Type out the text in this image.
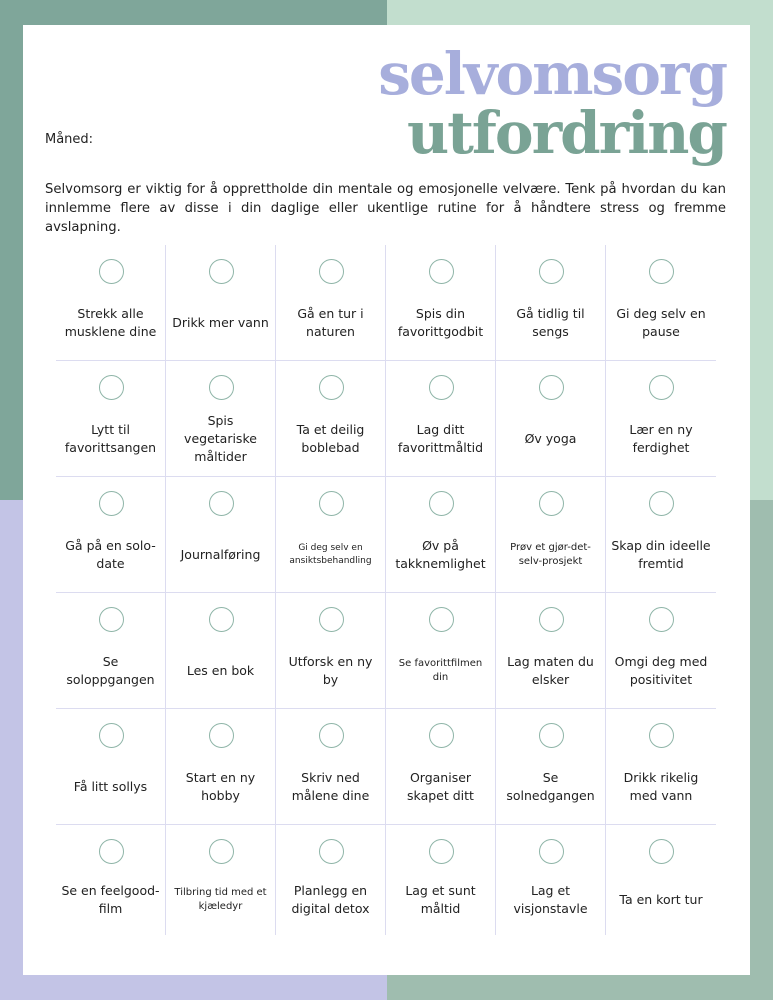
selvomsorg
utfordring
Måned:
Selvomsorg er viktig for å opprettholde din mentale og emosjonelle velvære. Tenk på hvordan du kan innlemme flere av disse i din daglige eller ukentlige rutine for å håndtere stress og fremme avslapning.
Strekk alle musklene dine
Drikk mer vann
Gå en tur i naturen
Spis din favorittgodbit
Gå tidlig til sengs
Gi deg selv en pause
Lytt til favorittsangen
Spis vegetariske måltider
Ta et deilig boblebad
Lag ditt favorittmåltid
Øv yoga
Lær en ny ferdighet
Gå på en solo-date
Journalføring	Gi deg selv en ansiktsbehandling
Øv på takknemlighet
Prøv et gjør-det-selv-prosjekt
Skap din ideelle fremtid
Se soloppgangen
Les en bok
Utforsk en ny by
Se favorittfilmen din
Lag maten du elsker
Omgi deg med positivitet
Få litt sollys
Start en ny hobby
Skriv ned målene dine
Organiser skapet ditt
Se solnedgangen
Drikk rikelig med vann
Se en feelgood-film
Tilbring tid med et kjæledyr
Planlegg en digital detox
Lag et sunt måltid
Lag et visjonstavle
Ta en kort tur
